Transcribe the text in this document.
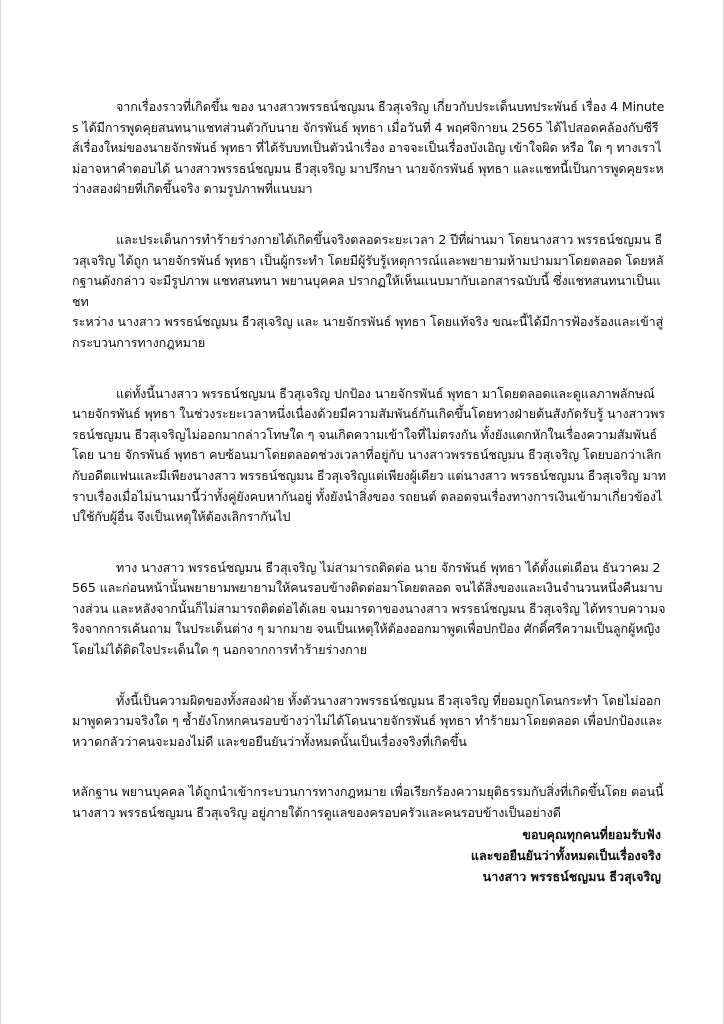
จากเรื่องราวที่เกิดขึ้น ของ นางสาวพรรธน์ชญมน ธีวสุเจริญ เกี่ยวกับประเด็นบทประพันธ์ เรื่อง 4 Minutes ได้มีการพูดคุยสนทนาแชทส่วนตัวกับนาย จักรพันธ์ พุทธา เมื่อวันที่ 4 พฤศจิกายน 2565 ได้ไปสอดคล้องกับซีรีส์เรื่องใหม่ของนายจักรพันธ์ พุทธา ที่ได้รับบทเป็นตัวนำเรื่อง อาจจะเป็นเรื่องบังเอิญ เข้าใจผิด หรือ ใด ๆ ทางเราไม่อาจหาคำตอบได้ นางสาวพรรธน์ชญมน ธีวสุเจริญ มาปรึกษา นายจักรพันธ์ พุทธา และแชทนี้เป็นการพูดคุยระหว่างสองฝ่ายที่เกิดขึ้นจริง ตามรูปภาพที่แนบมา

และประเด็นการทำร้ายร่างกายได้เกิดขึ้นจริงตลอดระยะเวลา 2 ปีที่ผ่านมา โดยนางสาว พรรธน์ชญมน ธีวสุเจริญ ได้ถูก นายจักรพันธ์ พุทธา เป็นผู้กระทำ โดยมีผู้รับรู้เหตุการณ์และพยายามห้ามปามมาโดยตลอด โดยหลักฐานดังกล่าว จะมีรูปภาพ แชทสนทนา พยานบุคคล ปรากฏให้เห็นแนบมากับเอกสารฉบับนี้ ซึ่งแชทสนทนาเป็นแชท

ระหว่าง นางสาว พรรธน์ชญมน ธีวสุเจริญ และ นายจักรพันธ์ พุทธา โดยแท้จริง ขณะนี้ได้มีการฟ้องร้องและเข้าสู่กระบวนการทางกฎหมาย

แต่ทั้งนี้นางสาว พรรธน์ชญมน ธีวสุเจริญ ปกป้อง นายจักรพันธ์ พุทธา มาโดยตลอดและดูแลภาพลักษณ์ นายจักรพันธ์ พุทธา ในช่วงระยะเวลาหนึ่งเนื่องด้วยมีความสัมพันธ์กันเกิดขึ้นโดยทางฝ่ายต้นสังกัดรับรู้ นางสาวพรรธน์ชญมน ธีวสุเจริญไม่ออกมากล่าวโทษใด ๆ จนเกิดความเข้าใจที่ไม่ตรงกัน ทั้งยังแตกหักในเรื่องความสัมพันธ์ โดย นาย จักรพันธ์ พุทธา คบซ้อนมาโดยตลอดช่วงเวลาที่อยู่กับ นางสาวพรรธน์ชญมน ธีวสุเจริญ โดยบอกว่าเลิกกับอดีตแฟนและมีเพียงนางสาว พรรธน์ชญมน ธีวสุเจริญแต่เพียงผู้เดียว แต่นางสาว พรรธน์ชญมน ธีวสุเจริญ มาทราบเรื่องเมื่อไม่นานมานี้ว่าทั้งคู่ยังคบหากันอยู่ ทั้งยังนำสิ่งของ รถยนต์ ตลอดจนเรื่องทางการเงินเข้ามาเกี่ยวข้องไปใช้กับผู้อื่น จึงเป็นเหตุให้ต้องเลิกรากันไป

ทาง นางสาว พรรธน์ชญมน ธีวสุเจริญ ไม่สามารถติดต่อ นาย จักรพันธ์ พุทธา ได้ตั้งแต่เดือน ธันวาคม 2565 และก่อนหน้านั้นพยายามพยายามให้คนรอบข้างติดต่อมาโดยตลอด จนได้สิ่งของและเงินจำนวนหนึ่งคืนมาบางส่วน และหลังจากนั้นก็ไม่สามารถติดต่อได้เลย จนมารดาของนางสาว พรรธน์ชญมน ธีวสุเจริญ ได้ทราบความจริงจากการเค้นถาม ในประเด็นต่าง ๆ มากมาย จนเป็นเหตุให้ต้องออกมาพูดเพื่อปกป้อง ศักดิ์ศรีความเป็นลูกผู้หญิงโดยไม่ได้ติดใจประเด็นใด ๆ นอกจากการทำร้ายร่างกาย

ทั้งนี้เป็นความผิดของทั้งสองฝ่าย ทั้งตัวนางสาวพรรธน์ชญมน ธีวสุเจริญ ที่ยอมถูกโดนกระทำ โดยไม่ออกมาพูดความจริงใด ๆ ซ้ำยังโกหกคนรอบข้างว่าไม่ได้โดนนายจักรพันธ์ พุทธา ทำร้ายมาโดยตลอด เพื่อปกป้องและหวาดกลัวว่าคนจะมองไม่ดี และขอยืนยันว่าทั้งหมดนั้นเป็นเรื่องจริงที่เกิดขึ้น

หลักฐาน พยานบุคคล ได้ถูกนำเข้ากระบวนการทางกฎหมาย เพื่อเรียกร้องความยุติธรรมกับสิ่งที่เกิดขึ้นโดย ตอนนี้ นางสาว พรรธน์ชญมน ธีวสุเจริญ อยู่ภายใต้การดูแลของครอบครัวและคนรอบข้างเป็นอย่างดี

ขอบคุณทุกคนที่ยอมรับฟัง
และขอยืนยันว่าทั้งหมดเป็นเรื่องจริง
นางสาว พรรธน์ชญมน ธีวสุเจริญ
